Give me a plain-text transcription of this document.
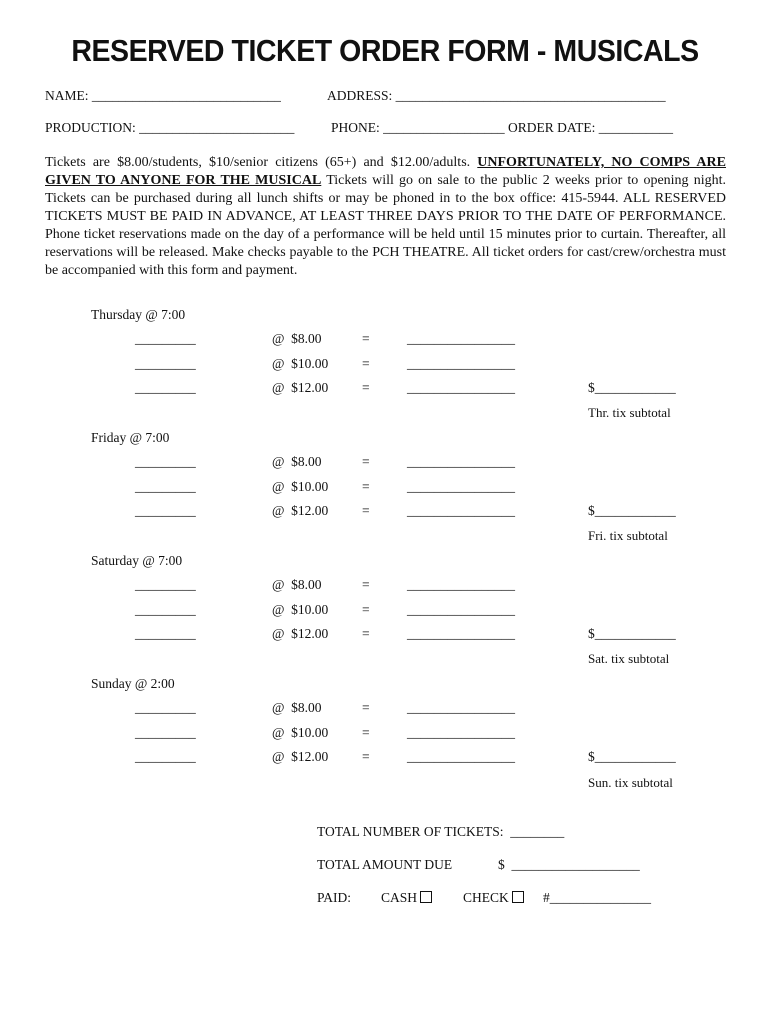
RESERVED TICKET ORDER FORM - MUSICALS
NAME: ____________________________	ADDRESS: ________________________________________
PRODUCTION: _______________________	PHONE: __________________ ORDER DATE: ___________
Tickets are $8.00/students, $10/senior citizens (65+) and $12.00/adults. UNFORTUNATELY, NO COMPS ARE GIVEN TO ANYONE FOR THE MUSICAL Tickets will go on sale to the public 2 weeks prior to opening night. Tickets can be purchased during all lunch shifts or may be phoned in to the box office: 415-5944. ALL RESERVED TICKETS MUST BE PAID IN ADVANCE, AT LEAST THREE DAYS PRIOR TO THE DATE OF PERFORMANCE. Phone ticket reservations made on the day of a performance will be held until 15 minutes prior to curtain. Thereafter, all reservations will be released. Make checks payable to the PCH THEATRE. All ticket orders for cast/crew/orchestra must be accompanied with this form and payment.
Thursday @ 7:00
_________	@  $8.00	=	________________
_________	@  $10.00 =	________________
_________	@  $12.00 =	________________	$____________
Thr. tix subtotal
Friday @ 7:00
_________	@  $8.00	=	________________
_________	@  $10.00 =	________________
_________	@  $12.00 =	________________	$____________
Fri. tix subtotal
Saturday @ 7:00
_________	@  $8.00	=	________________
_________	@  $10.00 =	________________
_________	@  $12.00 =	________________	$____________
Sat. tix subtotal
Sunday @ 2:00
_________	@  $8.00	=	________________
_________	@  $10.00 =	________________
_________	@  $12.00 =	________________	$____________
Sun. tix subtotal
TOTAL NUMBER OF TICKETS:  ________
TOTAL AMOUNT DUE	$  ___________________
PAID: CASH	CHECK	#_______________
